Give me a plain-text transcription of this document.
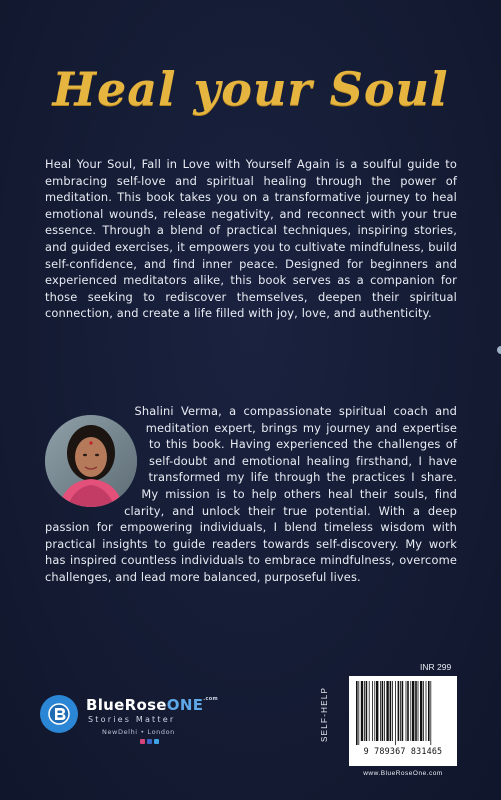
Heal your Soul
Heal Your Soul, Fall in Love with Yourself Again is a soulful guide to embracing self-love and spiritual healing through the power of meditation. This book takes you on a transformative journey to heal emotional wounds, release negativity, and reconnect with your true essence. Through a blend of practical techniques, inspiring stories, and guided exercises, it empowers you to cultivate mindfulness, build self-confidence, and find inner peace. Designed for beginners and experienced meditators alike, this book serves as a companion for those seeking to rediscover themselves, deepen their spiritual connection, and create a life filled with joy, love, and authenticity.
Shalini Verma, a compassionate spiritual coach and meditation expert, brings my journey and expertise to this book. Having experienced the challenges of self-doubt and emotional healing firsthand, I have transformed my life through the practices I share. My mission is to help others heal their souls, find clarity, and unlock their true potential. With a deep passion for empowering individuals, I blend timeless wisdom with practical insights to guide readers towards self-discovery. My work has inspired countless individuals to embrace mindfulness, overcome challenges, and lead more balanced, purposeful lives.
BlueRoseONE$^{.com}$
Stories Matter
NewDelhi • London
INR 299
SELF-HELP
9 789367 831465
www.BlueRoseOne.com
